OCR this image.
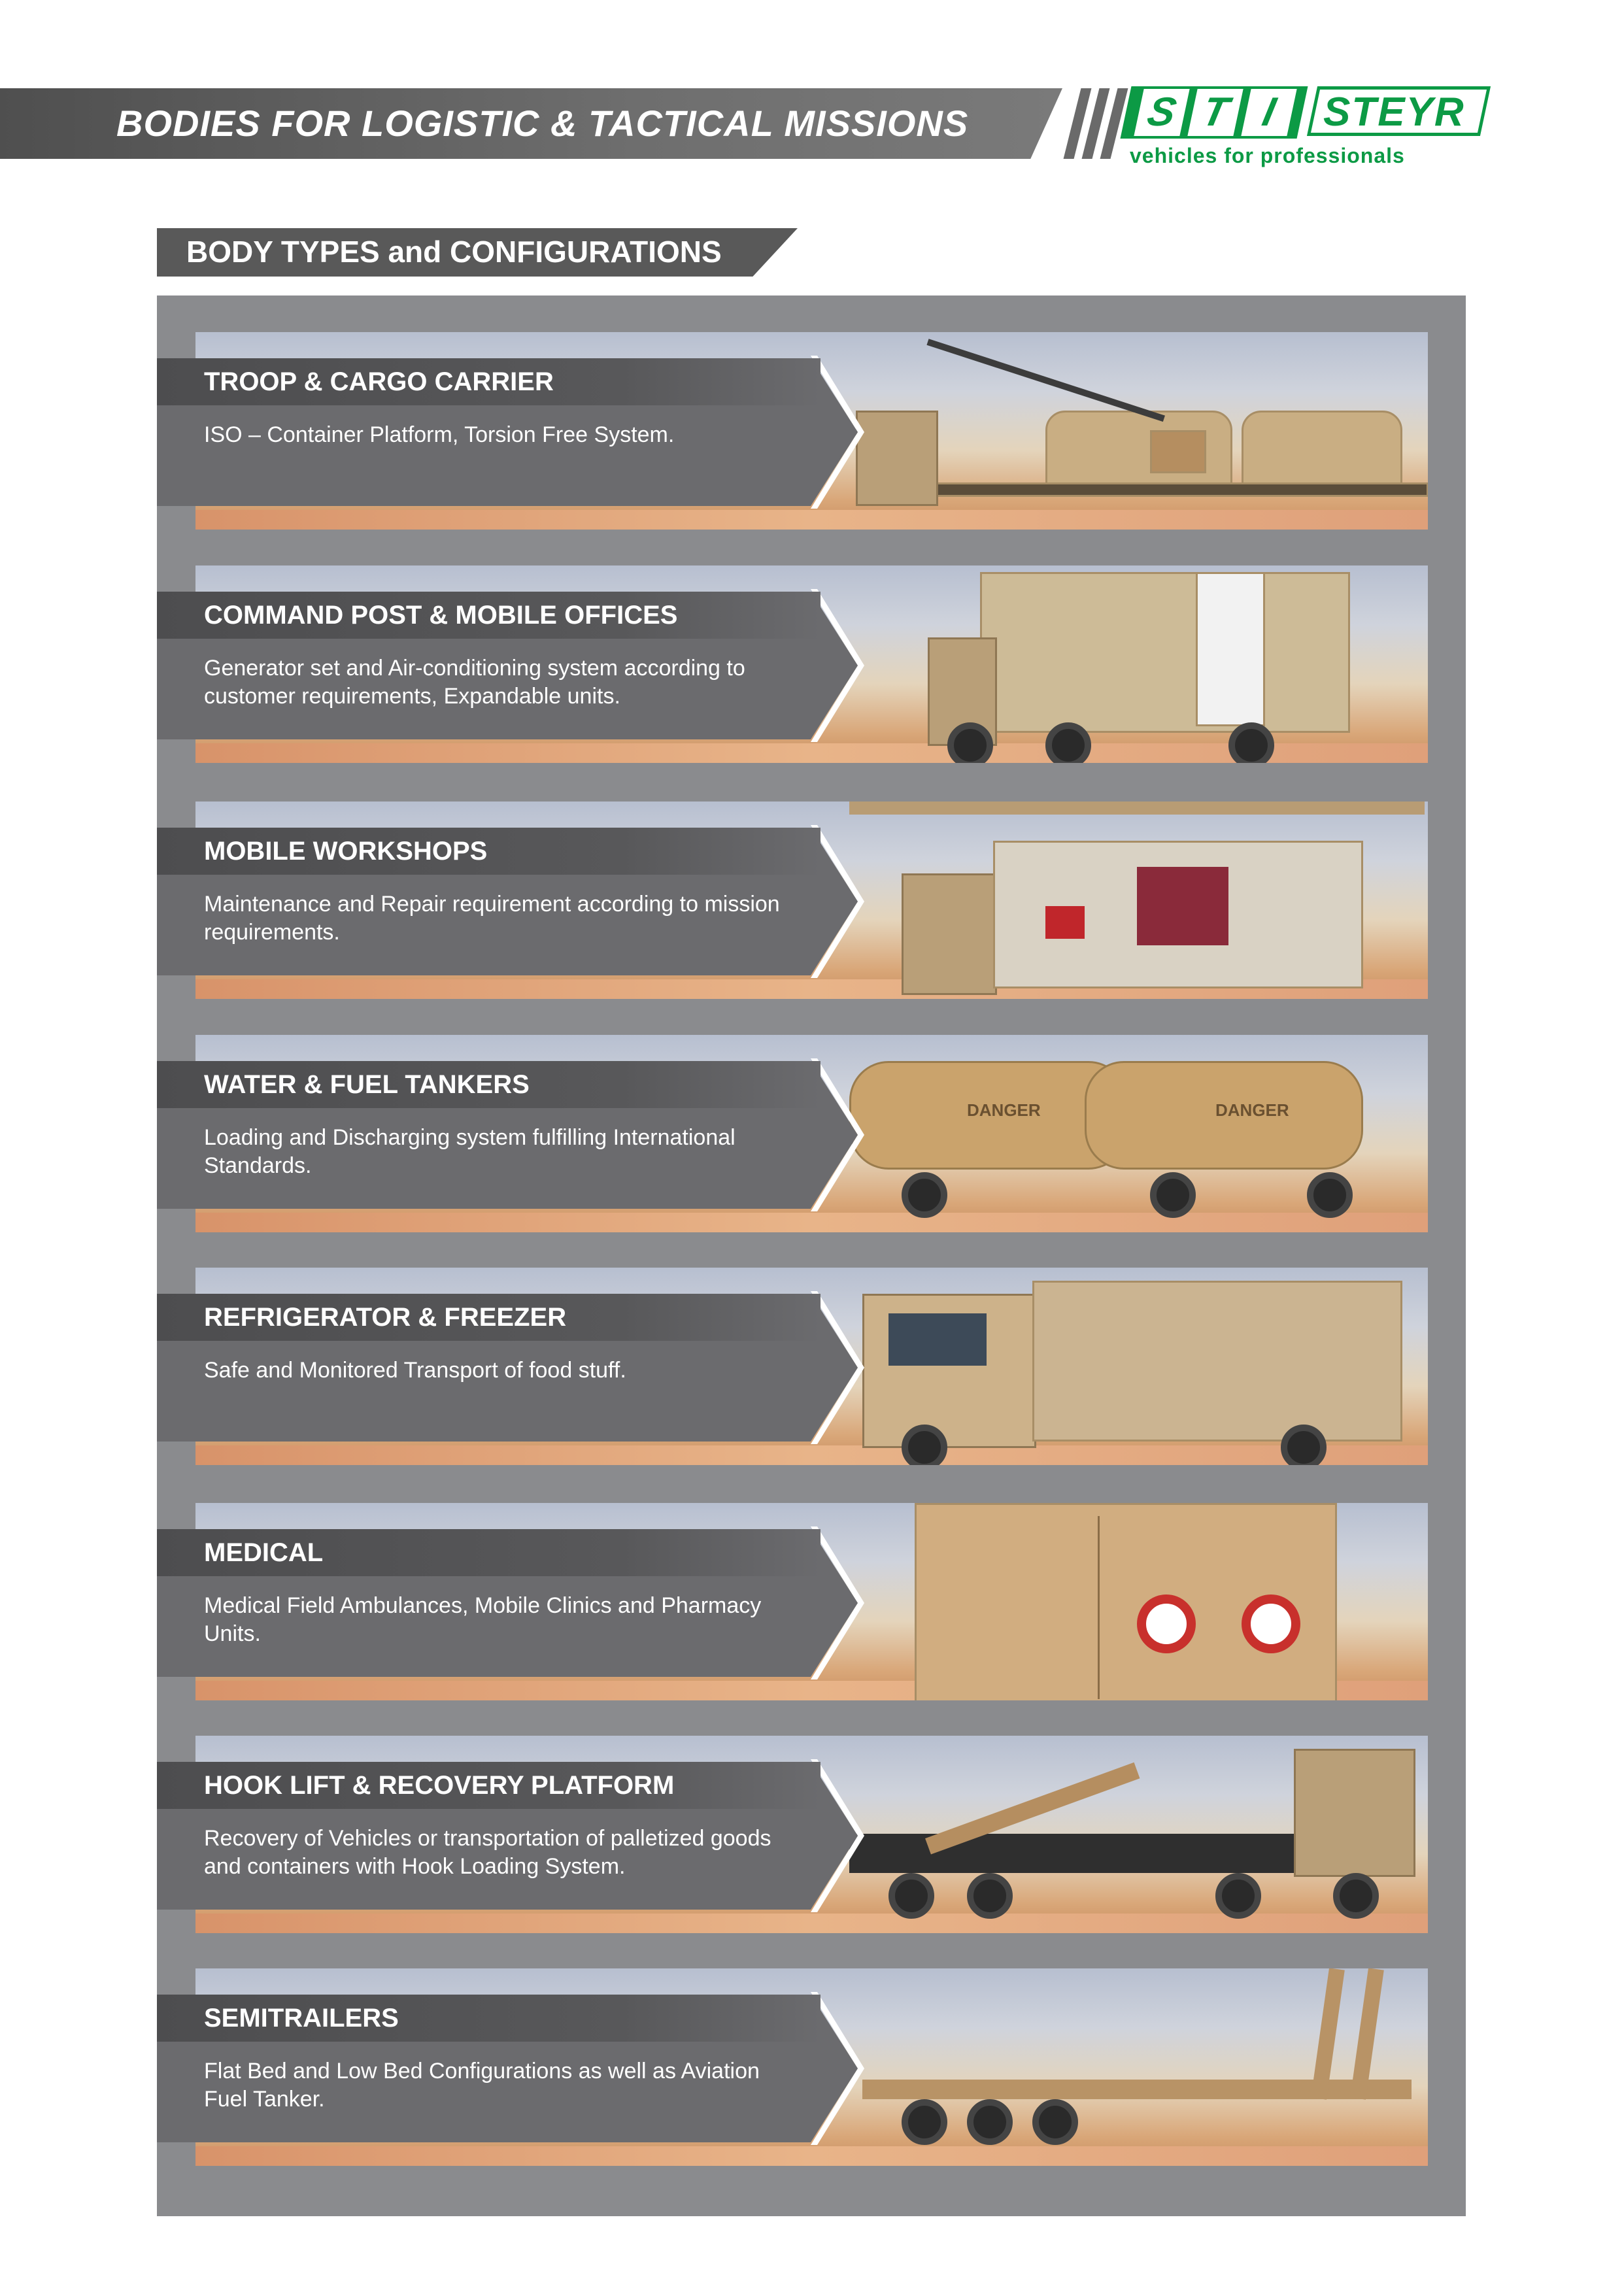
BODIES FOR LOGISTIC & TACTICAL MISSIONS	S T I	STEYR
vehicles for professionals
BODY TYPES and CONFIGURATIONS
TROOP & CARGO CARRIER
ISO – Container Platform, Torsion Free System.
COMMAND POST & MOBILE OFFICES
Generator set and Air-conditioning system according to customer requirements, Expandable units.
MOBILE WORKSHOPS
Maintenance and Repair requirement according to mission requirements.
DANGER	DANGER
WATER & FUEL TANKERS
Loading and Discharging system fulfilling International Standards.
REFRIGERATOR & FREEZER
Safe and Monitored Transport of food stuff.
MEDICAL
Medical Field Ambulances, Mobile Clinics and Pharmacy Units.
HOOK LIFT & RECOVERY PLATFORM
Recovery of Vehicles or transportation of palletized goods and containers with Hook Loading System.
SEMITRAILERS
Flat Bed and Low Bed Configurations as well as Aviation Fuel Tanker.
